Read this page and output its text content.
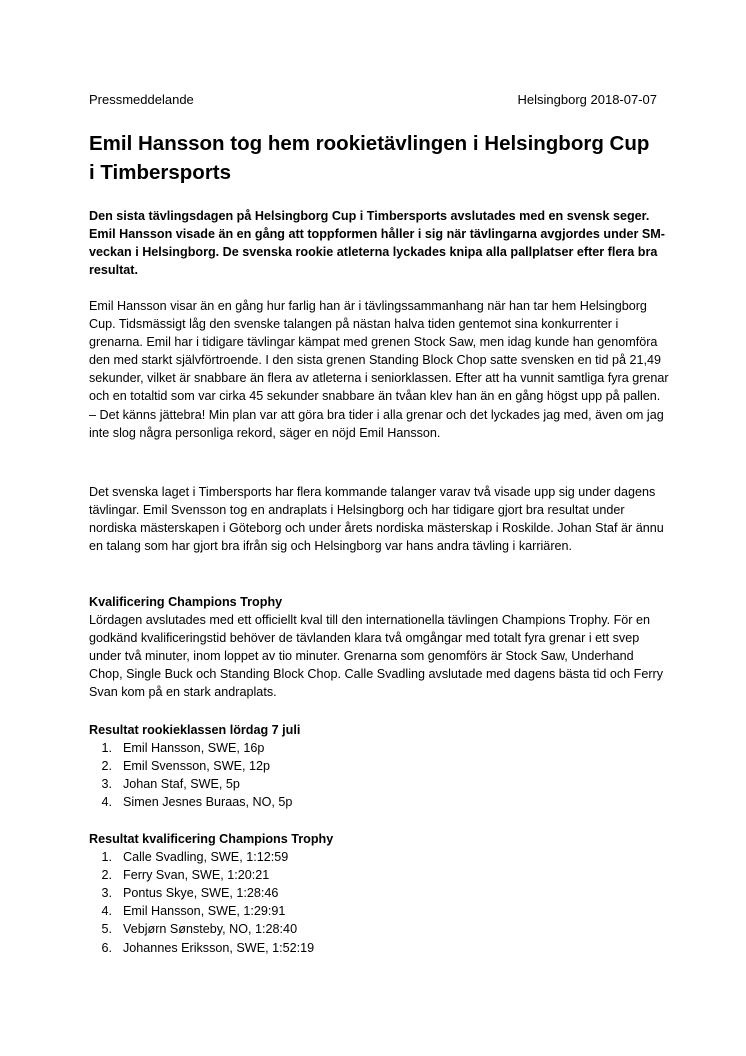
Pressmeddelande	Helsingborg 2018-07-07
Emil Hansson tog hem rookietävlingen i Helsingborg Cup i Timbersports

Den sista tävlingsdagen på Helsingborg Cup i Timbersports avslutades med en svensk seger. Emil Hansson visade än en gång att toppformen håller i sig när tävlingarna avgjordes under SM-veckan i Helsingborg. De svenska rookie atleterna lyckades knipa alla pallplatser efter flera bra resultat.

Emil Hansson visar än en gång hur farlig han är i tävlingssammanhang när han tar hem Helsingborg Cup. Tidsmässigt låg den svenske talangen på nästan halva tiden gentemot sina konkurrenter i grenarna. Emil har i tidigare tävlingar kämpat med grenen Stock Saw, men idag kunde han genomföra den med starkt självförtroende. I den sista grenen Standing Block Chop satte svensken en tid på 21,49 sekunder, vilket är snabbare än flera av atleterna i seniorklassen. Efter att ha vunnit samtliga fyra grenar och en totaltid som var cirka 45 sekunder snabbare än tvåan klev han än en gång högst upp på pallen.
– Det känns jättebra! Min plan var att göra bra tider i alla grenar och det lyckades jag med, även om jag inte slog några personliga rekord, säger en nöjd Emil Hansson.

Det svenska laget i Timbersports har flera kommande talanger varav två visade upp sig under dagens tävlingar. Emil Svensson tog en andraplats i Helsingborg och har tidigare gjort bra resultat under nordiska mästerskapen i Göteborg och under årets nordiska mästerskap i Roskilde. Johan Staf är ännu en talang som har gjort bra ifrån sig och Helsingborg var hans andra tävling i karriären.

Kvalificering Champions Trophy
Lördagen avslutades med ett officiellt kval till den internationella tävlingen Champions Trophy. För en godkänd kvalificeringstid behöver de tävlanden klara två omgångar med totalt fyra grenar i ett svep under två minuter, inom loppet av tio minuter. Grenarna som genomförs är Stock Saw, Underhand Chop, Single Buck och Standing Block Chop. Calle Svadling avslutade med dagens bästa tid och Ferry Svan kom på en stark andraplats.
Resultat rookieklassen lördag 7 juli
1. Emil Hansson, SWE, 16p
2. Emil Svensson, SWE, 12p
3. Johan Staf, SWE, 5p
4. Simen Jesnes Buraas, NO, 5p
Resultat kvalificering Champions Trophy
1. Calle Svadling, SWE, 1:12:59
2. Ferry Svan, SWE, 1:20:21
3. Pontus Skye, SWE, 1:28:46
4. Emil Hansson, SWE, 1:29:91
5. Vebjørn Sønsteby, NO, 1:28:40
6. Johannes Eriksson, SWE, 1:52:19
